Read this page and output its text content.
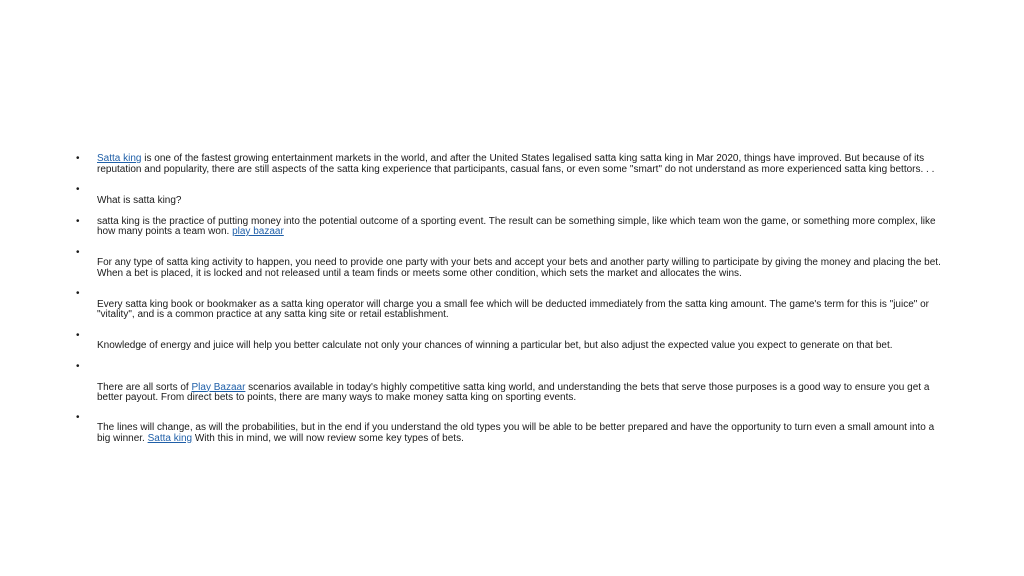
• Satta king is one of the fastest growing entertainment markets in the world, and after the United States legalised satta king satta king in Mar 2020, things have improved. But because of its reputation and popularity, there are still aspects of the satta king experience that participants, casual fans, or even some "smart" do not understand as more experienced satta king bettors. . .
•
What is satta king?
• satta king is the practice of putting money into the potential outcome of a sporting event. The result can be something simple, like which team won the game, or something more complex, like how many points a team won. play bazaar
•
For any type of satta king activity to happen, you need to provide one party with your bets and accept your bets and another party willing to participate by giving the money and placing the bet. When a bet is placed, it is locked and not released until a team finds or meets some other condition, which sets the market and allocates the wins.
•
Every satta king book or bookmaker as a satta king operator will charge you a small fee which will be deducted immediately from the satta king amount. The game's term for this is "juice" or "vitality", and is a common practice at any satta king site or retail establishment.
•
Knowledge of energy and juice will help you better calculate not only your chances of winning a particular bet, but also adjust the expected value you expect to generate on that bet.
•
There are all sorts of Play Bazaar scenarios available in today's highly competitive satta king world, and understanding the bets that serve those purposes is a good way to ensure you get a better payout. From direct bets to points, there are many ways to make money satta king on sporting events.
•
The lines will change, as will the probabilities, but in the end if you understand the old types you will be able to be better prepared and have the opportunity to turn even a small amount into a big winner. Satta king With this in mind, we will now review some key types of bets.
